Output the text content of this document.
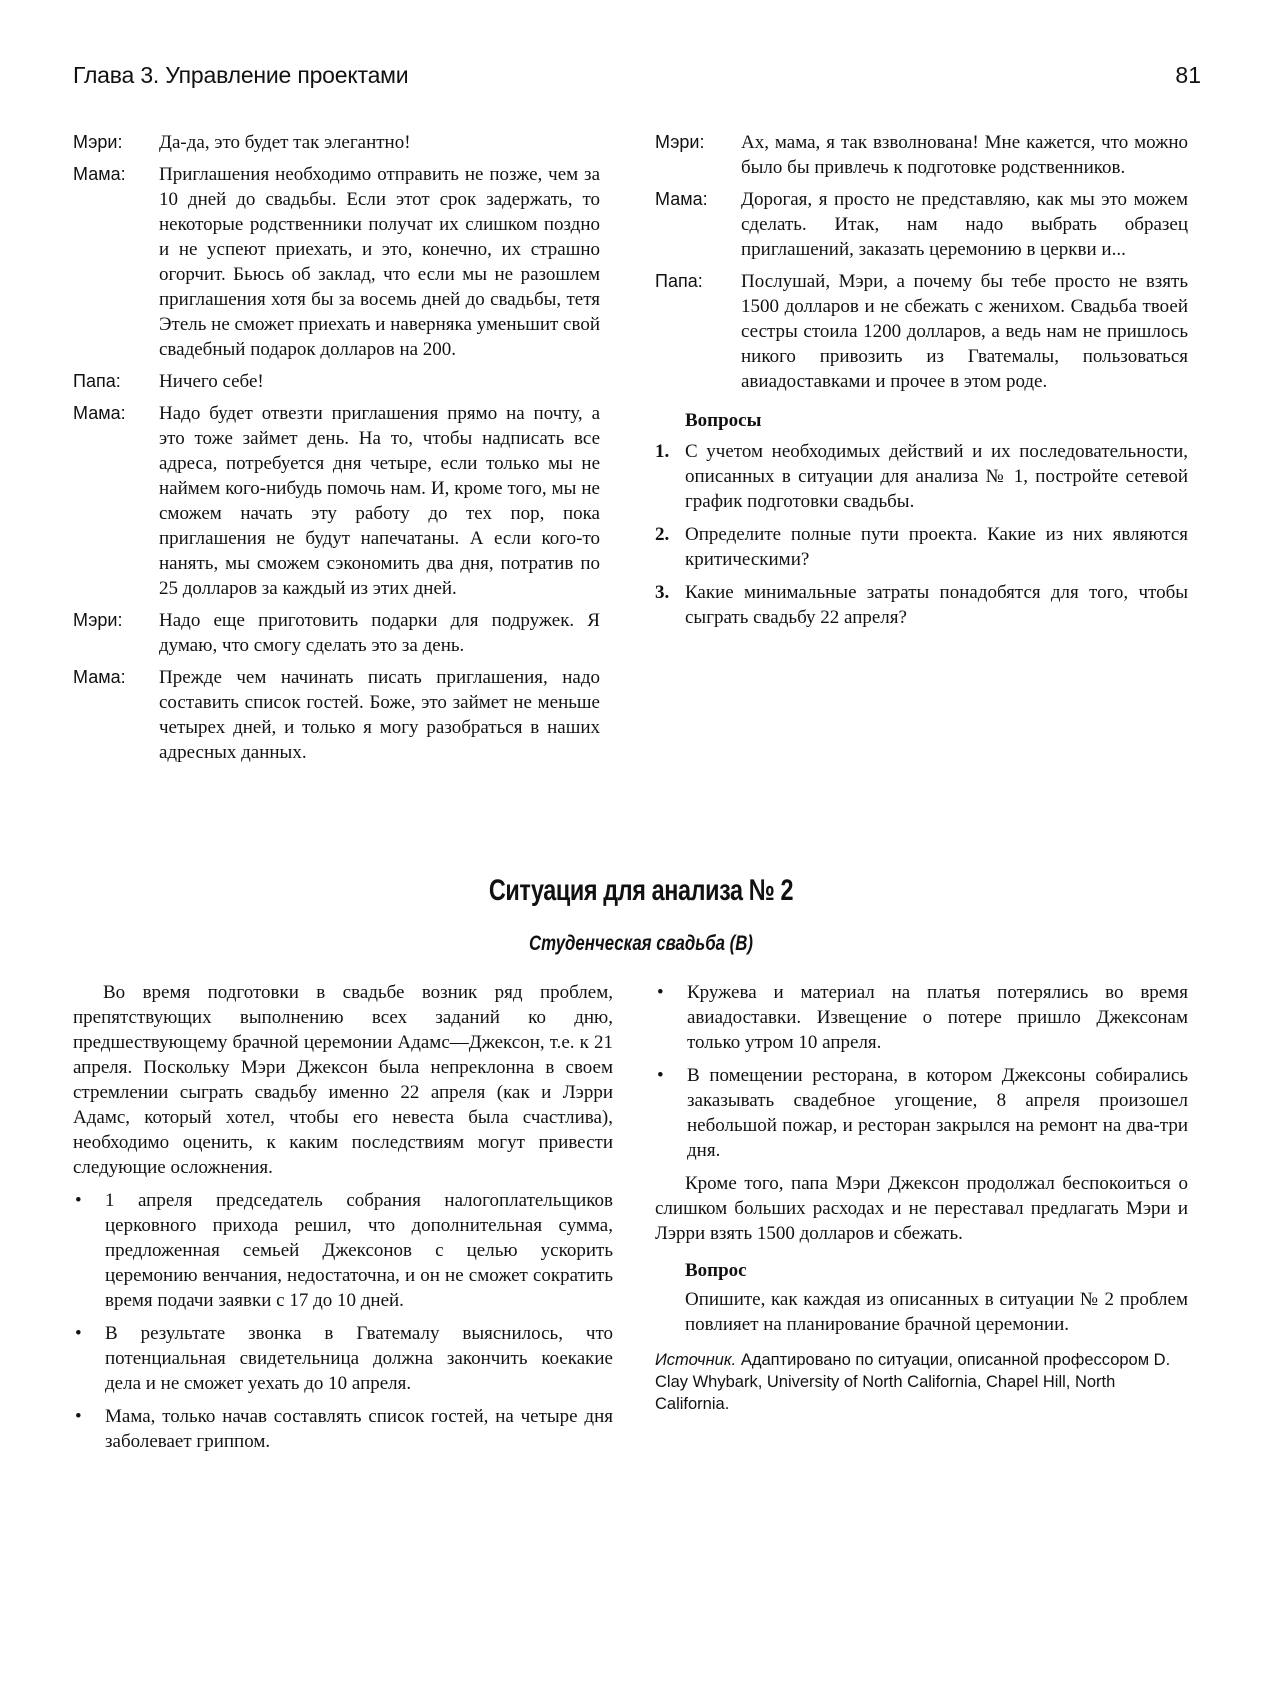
Глава 3. Управление проектами	81
Мэри:	Да-да, это будет так элегантно!
Мама:	Приглашения необходимо отправить не позже, чем за 10 дней до свадьбы. Если этот срок задержать, то некоторые родственники получат их слишком поздно и не успеют приехать, и это, конечно, их страшно огорчит. Бьюсь об заклад, что если мы не разошлем приглашения хотя бы за восемь дней до свадьбы, тетя Этель не сможет приехать и наверняка уменьшит свой свадебный подарок долларов на 200.
Папа:	Ничего себе!
Мама:	Надо будет отвезти приглашения прямо на почту, а это тоже займет день. На то, чтобы надписать все адреса, потребуется дня четыре, если только мы не наймем кого-нибудь помочь нам. И, кроме того, мы не сможем начать эту работу до тех пор, пока приглашения не будут напечатаны. А если кого-то нанять, мы сможем сэкономить два дня, потратив по 25 долларов за каждый из этих дней.
Мэри:	Надо еще приготовить подарки для подружек. Я думаю, что смогу сделать это за день.
Мама:	Прежде чем начинать писать приглашения, надо составить список гостей. Боже, это займет не меньше четырех дней, и только я могу разобраться в наших адресных данных.
Мэри:	Ах, мама, я так взволнована! Мне кажется, что можно было бы привлечь к подготовке родственников.
Мама:	Дорогая, я просто не представляю, как мы это можем сделать. Итак, нам надо выбрать образец приглашений, заказать церемонию в церкви и...
Папа:	Послушай, Мэри, а почему бы тебе просто не взять 1500 долларов и не сбежать с женихом. Свадьба твоей сестры стоила 1200 долларов, а ведь нам не пришлось никого привозить из Гватемалы, пользоваться авиадоставками и прочее в этом роде.
Вопросы
1. С учетом необходимых действий и их последовательности, описанных в ситуации для анализа № 1, постройте сетевой график подготовки свадьбы.
2. Определите полные пути проекта. Какие из них являются критическими?
3. Какие минимальные затраты понадобятся для того, чтобы сыграть свадьбу 22 апреля?
Ситуация для анализа № 2
Студенческая свадьба (B)

Во время подготовки в свадьбе возник ряд проблем, препятствующих выполнению всех заданий ко дню, предшествующему брачной церемонии Адамс—Джексон, т.е. к 21 апреля. Поскольку Мэри Джексон была непреклонна в своем стремлении сыграть свадьбу именно 22 апреля (как и Лэрри Адамс, который хотел, чтобы его невеста была счастлива), необходимо оценить, к каким последствиям могут привести следующие осложнения.

•	1 апреля председатель собрания налогоплательщиков церковного прихода решил, что дополнительная сумма, предложенная семьей Джексонов с целью ускорить церемонию венчания, недостаточна, и он не сможет сократить время подачи заявки с 17 до 10 дней.
•	В результате звонка в Гватемалу выяснилось, что потенциальная свидетельница должна закончить коекакие дела и не сможет уехать до 10 апреля.
•	Мама, только начав составлять список гостей, на четыре дня заболевает гриппом.
•	Кружева и материал на платья потерялись во время авиадоставки. Извещение о потере пришло Джексонам только утром 10 апреля.
•	В помещении ресторана, в котором Джексоны собирались заказывать свадебное угощение, 8 апреля произошел небольшой пожар, и ресторан закрылся на ремонт на два-три дня.

Кроме того, папа Мэри Джексон продолжал беспокоиться о слишком больших расходах и не переставал предлагать Мэри и Лэрри взять 1500 долларов и сбежать.

Вопрос
Опишите, как каждая из описанных в ситуации № 2 проблем повлияет на планирование брачной церемонии.
Источник. Адаптировано по ситуации, описанной профессором D. Clay Whybark, University of North California, Chapel Hill, North California.
